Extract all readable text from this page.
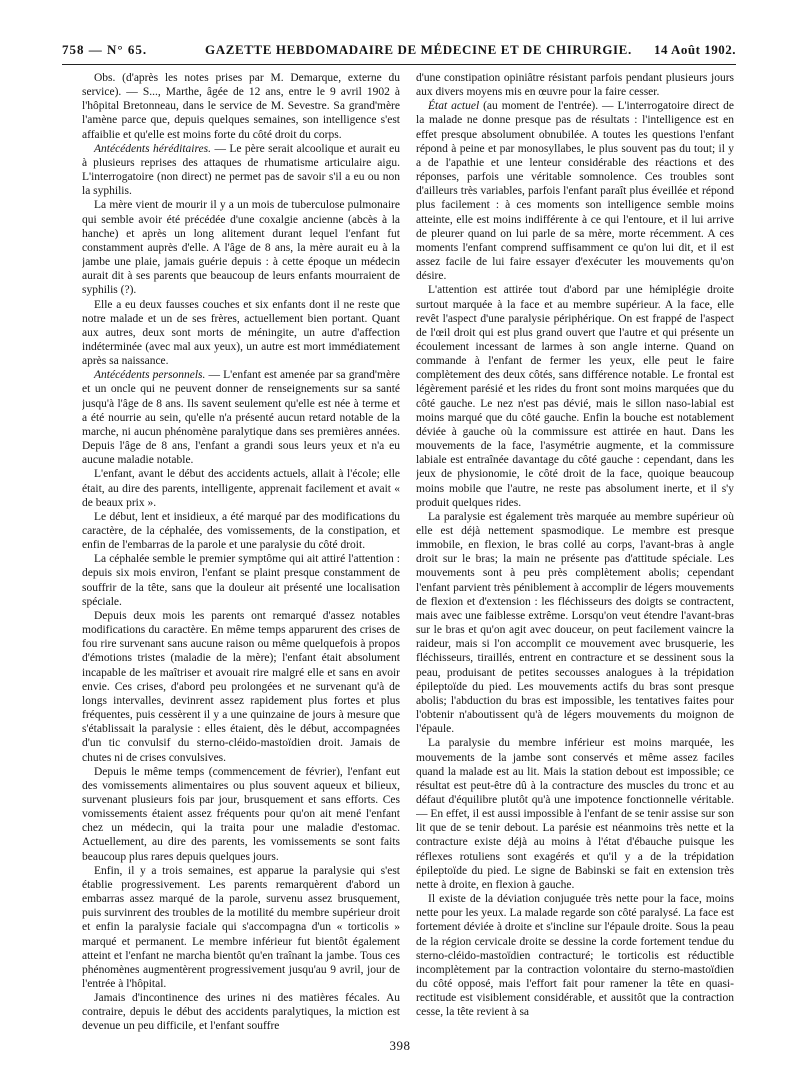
758 — N° 65.	GAZETTE HEBDOMADAIRE DE MÉDECINE ET DE CHIRURGIE. 14 Août 1902.

Obs. (d'après les notes prises par M. Demarque, externe du service). — S..., Marthe, âgée de 12 ans, entre le 9 avril 1902 à l'hôpital Bretonneau, dans le service de M. Sevestre. Sa grand'mère l'amène parce que, depuis quelques semaines, son intelligence s'est affaiblie et qu'elle est moins forte du côté droit du corps.

Antécédents héréditaires. — Le père serait alcoolique et aurait eu à plusieurs reprises des attaques de rhumatisme articulaire aigu. L'interrogatoire (non direct) ne permet pas de savoir s'il a eu ou non la syphilis.

La mère vient de mourir il y a un mois de tuberculose pulmonaire qui semble avoir été précédée d'une coxalgie ancienne (abcès à la hanche) et après un long alitement durant lequel l'enfant fut constamment auprès d'elle. A l'âge de 8 ans, la mère aurait eu à la jambe une plaie, jamais guérie depuis : à cette époque un médecin aurait dit à ses parents que beaucoup de leurs enfants mourraient de syphilis (?).

Elle a eu deux fausses couches et six enfants dont il ne reste que notre malade et un de ses frères, actuellement bien portant. Quant aux autres, deux sont morts de méningite, un autre d'affection indéterminée (avec mal aux yeux), un autre est mort immédiatement après sa naissance.

Antécédents personnels. — L'enfant est amenée par sa grand'mère et un oncle qui ne peuvent donner de renseignements sur sa santé jusqu'à l'âge de 8 ans. Ils savent seulement qu'elle est née à terme et a été nourrie au sein, qu'elle n'a présenté aucun retard notable de la marche, ni aucun phénomène paralytique dans ses premières années. Depuis l'âge de 8 ans, l'enfant a grandi sous leurs yeux et n'a eu aucune maladie notable.

L'enfant, avant le début des accidents actuels, allait à l'école; elle était, au dire des parents, intelligente, apprenait facilement et avait « de beaux prix ».

Le début, lent et insidieux, a été marqué par des modifications du caractère, de la céphalée, des vomissements, de la constipation, et enfin de l'embarras de la parole et une paralysie du côté droit.

La céphalée semble le premier symptôme qui ait attiré l'attention : depuis six mois environ, l'enfant se plaint presque constamment de souffrir de la tête, sans que la douleur ait présenté une localisation spéciale.

Depuis deux mois les parents ont remarqué d'assez notables modifications du caractère. En même temps apparurent des crises de fou rire survenant sans aucune raison ou même quelquefois à propos d'émotions tristes (maladie de la mère); l'enfant était absolument incapable de les maîtriser et avouait rire malgré elle et sans en avoir envie. Ces crises, d'abord peu prolongées et ne survenant qu'à de longs intervalles, devinrent assez rapidement plus fortes et plus fréquentes, puis cessèrent il y a une quinzaine de jours à mesure que s'établissait la paralysie : elles étaient, dès le début, accompagnées d'un tic convulsif du sterno-cléido-mastoïdien droit. Jamais de chutes ni de crises convulsives.

Depuis le même temps (commencement de février), l'enfant eut des vomissements alimentaires ou plus souvent aqueux et bilieux, survenant plusieurs fois par jour, brusquement et sans efforts. Ces vomissements étaient assez fréquents pour qu'on ait mené l'enfant chez un médecin, qui la traita pour une maladie d'estomac. Actuellement, au dire des parents, les vomissements se sont faits beaucoup plus rares depuis quelques jours.

Enfin, il y a trois semaines, est apparue la paralysie qui s'est établie progressivement. Les parents remarquèrent d'abord un embarras assez marqué de la parole, survenu assez brusquement, puis survinrent des troubles de la motilité du membre supérieur droit et enfin la paralysie faciale qui s'accompagna d'un « torticolis » marqué et permanent. Le membre inférieur fut bientôt également atteint et l'enfant ne marcha bientôt qu'en traînant la jambe. Tous ces phénomènes augmentèrent progressivement jusqu'au 9 avril, jour de l'entrée à l'hôpital.

Jamais d'incontinence des urines ni des matières fécales. Au contraire, depuis le début des accidents paralytiques, la miction est devenue un peu difficile, et l'enfant souffre

d'une constipation opiniâtre résistant parfois pendant plusieurs jours aux divers moyens mis en œuvre pour la faire cesser.

État actuel (au moment de l'entrée). — L'interrogatoire direct de la malade ne donne presque pas de résultats : l'intelligence est en effet presque absolument obnubilée. A toutes les questions l'enfant répond à peine et par monosyllabes, le plus souvent pas du tout; il y a de l'apathie et une lenteur considérable des réactions et des réponses, parfois une véritable somnolence. Ces troubles sont d'ailleurs très variables, parfois l'enfant paraît plus éveillée et répond plus facilement : à ces moments son intelligence semble moins atteinte, elle est moins indifférente à ce qui l'entoure, et il lui arrive de pleurer quand on lui parle de sa mère, morte récemment. A ces moments l'enfant comprend suffisamment ce qu'on lui dit, et il est assez facile de lui faire essayer d'exécuter les mouvements qu'on désire.

L'attention est attirée tout d'abord par une hémiplégie droite surtout marquée à la face et au membre supérieur. A la face, elle revêt l'aspect d'une paralysie périphérique. On est frappé de l'aspect de l'œil droit qui est plus grand ouvert que l'autre et qui présente un écoulement incessant de larmes à son angle interne. Quand on commande à l'enfant de fermer les yeux, elle peut le faire complètement des deux côtés, sans différence notable. Le frontal est légèrement parésié et les rides du front sont moins marquées que du côté gauche. Le nez n'est pas dévié, mais le sillon naso-labial est moins marqué que du côté gauche. Enfin la bouche est notablement déviée à gauche où la commissure est attirée en haut. Dans les mouvements de la face, l'asymétrie augmente, et la commissure labiale est entraînée davantage du côté gauche : cependant, dans les jeux de physionomie, le côté droit de la face, quoique beaucoup moins mobile que l'autre, ne reste pas absolument inerte, et il s'y produit quelques rides.

La paralysie est également très marquée au membre supérieur où elle est déjà nettement spasmodique. Le membre est presque immobile, en flexion, le bras collé au corps, l'avant-bras à angle droit sur le bras; la main ne présente pas d'attitude spéciale. Les mouvements sont à peu près complètement abolis; cependant l'enfant parvient très péniblement à accomplir de légers mouvements de flexion et d'extension : les fléchisseurs des doigts se contractent, mais avec une faiblesse extrême. Lorsqu'on veut étendre l'avant-bras sur le bras et qu'on agit avec douceur, on peut facilement vaincre la raideur, mais si l'on accomplit ce mouvement avec brusquerie, les fléchisseurs, tiraillés, entrent en contracture et se dessinent sous la peau, produisant de petites secousses analogues à la trépidation épileptoïde du pied. Les mouvements actifs du bras sont presque abolis; l'abduction du bras est impossible, les tentatives faites pour l'obtenir n'aboutissent qu'à de légers mouvements du moignon de l'épaule.

La paralysie du membre inférieur est moins marquée, les mouvements de la jambe sont conservés et même assez faciles quand la malade est au lit. Mais la station debout est impossible; ce résultat est peut-être dû à la contracture des muscles du tronc et au défaut d'équilibre plutôt qu'à une impotence fonctionnelle véritable. — En effet, il est aussi impossible à l'enfant de se tenir assise sur son lit que de se tenir debout. La parésie est néanmoins très nette et la contracture existe déjà au moins à l'état d'ébauche puisque les réflexes rotuliens sont exagérés et qu'il y a de la trépidation épileptoïde du pied. Le signe de Babinski se fait en extension très nette à droite, en flexion à gauche.

Il existe de la déviation conjuguée très nette pour la face, moins nette pour les yeux. La malade regarde son côté paralysé. La face est fortement déviée à droite et s'incline sur l'épaule droite. Sous la peau de la région cervicale droite se dessine la corde fortement tendue du sterno-cléido-mastoïdien contracturé; le torticolis est réductible incomplètement par la contraction volontaire du sterno-mastoïdien du côté opposé, mais l'effort fait pour ramener la tête en quasi-rectitude est visiblement considérable, et aussitôt que la contraction cesse, la tête revient à sa

398
